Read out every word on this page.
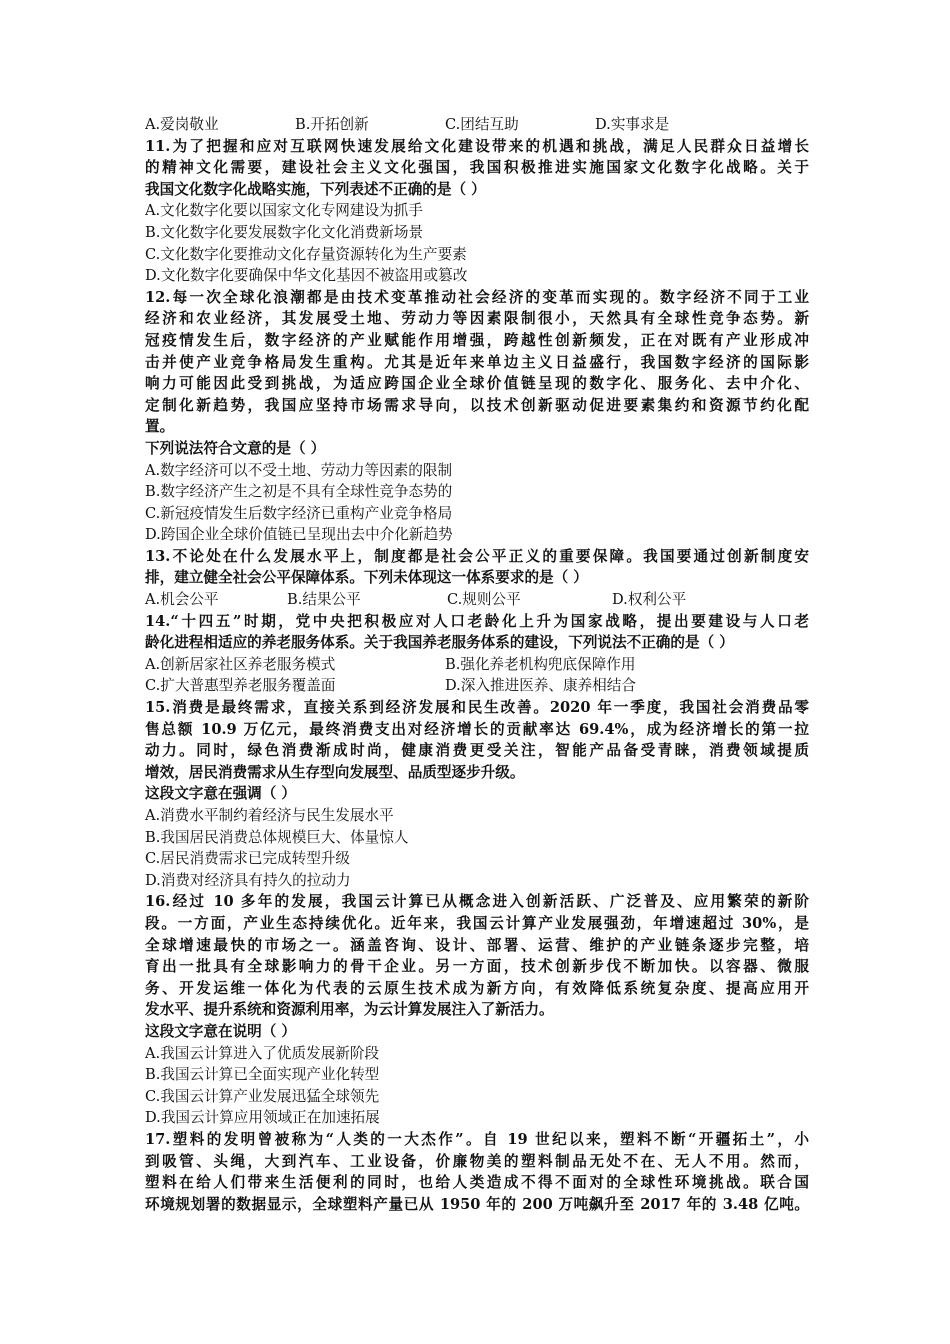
A.爱岗敬业	B.开拓创新	C.团结互助	D.实事求是
11.为了把握和应对互联网快速发展给文化建设带来的机遇和挑战，满足人民群众日益增长
的精神文化需要，建设社会主义文化强国，我国积极推进实施国家文化数字化战略。关于
我国文化数字化战略实施，下列表述不正确的是（ ）
A.文化数字化要以国家文化专网建设为抓手
B.文化数字化要发展数字化文化消费新场景
C.文化数字化要推动文化存量资源转化为生产要素
D.文化数字化要确保中华文化基因不被盗用或篡改
12.每一次全球化浪潮都是由技术变革推动社会经济的变革而实现的。数字经济不同于工业
经济和农业经济，其发展受土地、劳动力等因素限制很小，天然具有全球性竞争态势。新
冠疫情发生后，数字经济的产业赋能作用增强，跨越性创新频发，正在对既有产业形成冲
击并使产业竞争格局发生重构。尤其是近年来单边主义日益盛行，我国数字经济的国际影
响力可能因此受到挑战，为适应跨国企业全球价值链呈现的数字化、服务化、去中介化、
定制化新趋势，我国应坚持市场需求导向，以技术创新驱动促进要素集约和资源节约化配
置。
下列说法符合文意的是（ ）
A.数字经济可以不受土地、劳动力等因素的限制
B.数字经济产生之初是不具有全球性竞争态势的
C.新冠疫情发生后数字经济已重构产业竞争格局
D.跨国企业全球价值链已呈现出去中介化新趋势
13.不论处在什么发展水平上，制度都是社会公平正义的重要保障。我国要通过创新制度安
排，建立健全社会公平保障体系。下列未体现这一体系要求的是（ ）
A.机会公平	B.结果公平	C.规则公平	D.权利公平
14.“十四五”时期，党中央把积极应对人口老龄化上升为国家战略，提出要建设与人口老
龄化进程相适应的养老服务体系。关于我国养老服务体系的建设，下列说法不正确的是（ ）
A.创新居家社区养老服务模式	B.强化养老机构兜底保障作用
C.扩大普惠型养老服务覆盖面	D.深入推进医养、康养相结合
15.消费是最终需求，直接关系到经济发展和民生改善。2020 年一季度，我国社会消费品零
售总额 10.9 万亿元，最终消费支出对经济增长的贡献率达 69.4%，成为经济增长的第一拉
动力。同时，绿色消费渐成时尚，健康消费更受关注，智能产品备受青睐，消费领域提质
增效，居民消费需求从生存型向发展型、品质型逐步升级。
这段文字意在强调（ ）
A.消费水平制约着经济与民生发展水平
B.我国居民消费总体规模巨大、体量惊人
C.居民消费需求已完成转型升级
D.消费对经济具有持久的拉动力
16.经过 10 多年的发展，我国云计算已从概念进入创新活跃、广泛普及、应用繁荣的新阶
段。一方面，产业生态持续优化。近年来，我国云计算产业发展强劲，年增速超过 30%，是
全球增速最快的市场之一。涵盖咨询、设计、部署、运营、维护的产业链条逐步完整，培
育出一批具有全球影响力的骨干企业。另一方面，技术创新步伐不断加快。以容器、微服
务、开发运维一体化为代表的云原生技术成为新方向，有效降低系统复杂度、提高应用开
发水平、提升系统和资源利用率，为云计算发展注入了新活力。
这段文字意在说明（ ）
A.我国云计算进入了优质发展新阶段
B.我国云计算已全面实现产业化转型
C.我国云计算产业发展迅猛全球领先
D.我国云计算应用领域正在加速拓展
17.塑料的发明曾被称为“人类的一大杰作”。自 19 世纪以来，塑料不断“开疆拓土”，小
到吸管、头绳，大到汽车、工业设备，价廉物美的塑料制品无处不在、无人不用。然而，
塑料在给人们带来生活便利的同时，也给人类造成不得不面对的全球性环境挑战。联合国
环境规划署的数据显示，全球塑料产量已从 1950 年的 200 万吨飙升至 2017 年的 3.48 亿吨。
